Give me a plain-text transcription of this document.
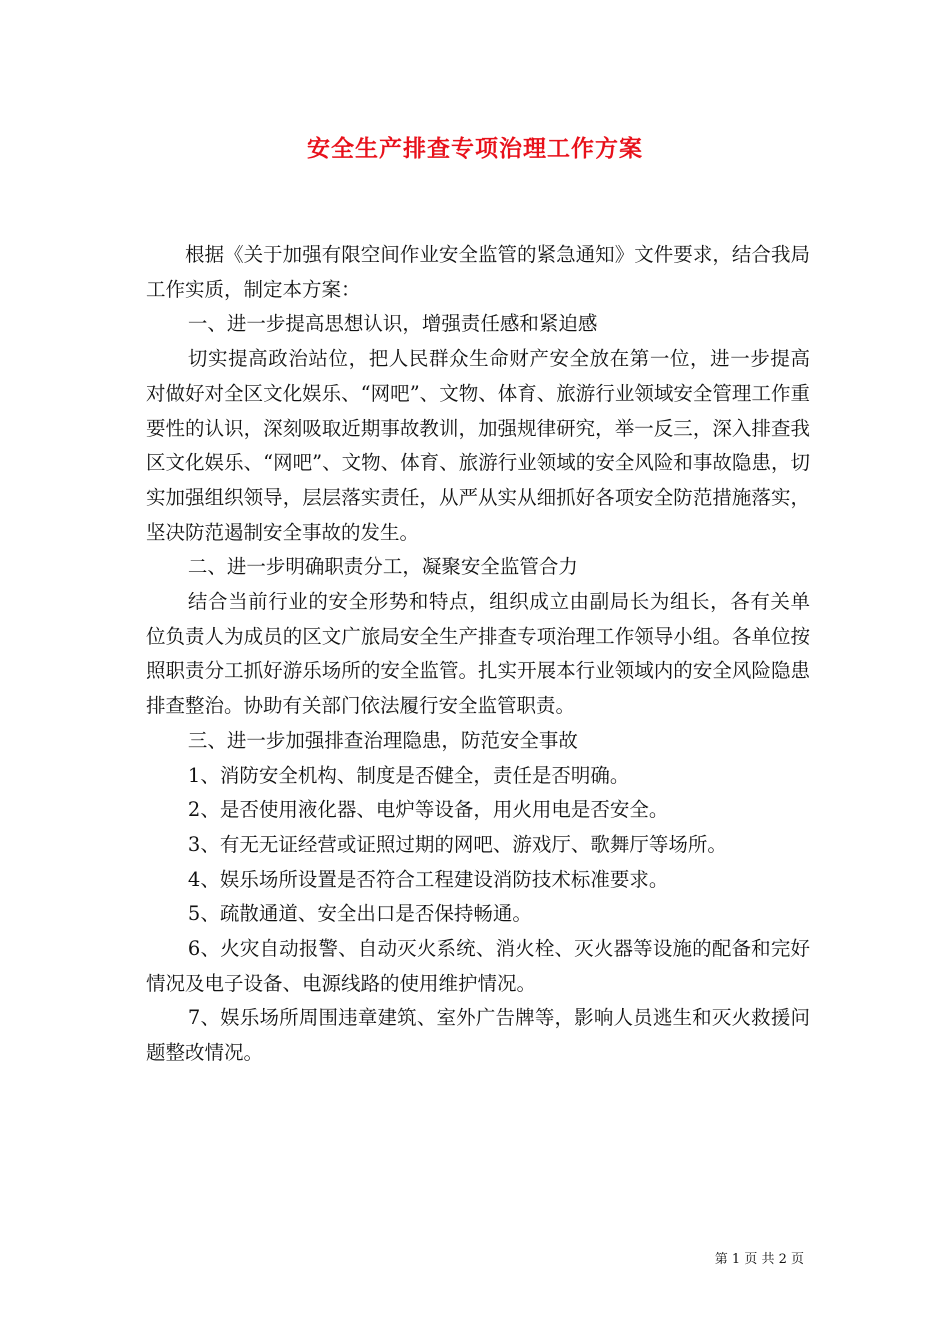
安全生产排查专项治理工作方案

根据《关于加强有限空间作业安全监管的紧急通知》文件要求，结合我局工作实质，制定本方案：

一、进一步提高思想认识，增强责任感和紧迫感

切实提高政治站位，把人民群众生命财产安全放在第一位，进一步提高对做好对全区文化娱乐、“网吧”、文物、体育、旅游行业领域安全管理工作重要性的认识，深刻吸取近期事故教训，加强规律研究，举一反三，深入排查我区文化娱乐、“网吧”、文物、体育、旅游行业领域的安全风险和事故隐患，切实加强组织领导，层层落实责任，从严从实从细抓好各项安全防范措施落实，坚决防范遏制安全事故的发生。

二、进一步明确职责分工，凝聚安全监管合力

结合当前行业的安全形势和特点，组织成立由副局长为组长，各有关单位负责人为成员的区文广旅局安全生产排查专项治理工作领导小组。各单位按照职责分工抓好游乐场所的安全监管。扎实开展本行业领域内的安全风险隐患排查整治。协助有关部门依法履行安全监管职责。

三、进一步加强排查治理隐患，防范安全事故

1、消防安全机构、制度是否健全，责任是否明确。

2、是否使用液化器、电炉等设备，用火用电是否安全。

3、有无无证经营或证照过期的网吧、游戏厅、歌舞厅等场所。

4、娱乐场所设置是否符合工程建设消防技术标准要求。

5、疏散通道、安全出口是否保持畅通。

6、火灾自动报警、自动灭火系统、消火栓、灭火器等设施的配备和完好情况及电子设备、电源线路的使用维护情况。

7、娱乐场所周围违章建筑、室外广告牌等，影响人员逃生和灭火救援问题整改情况。

第 1 页 共 2 页
